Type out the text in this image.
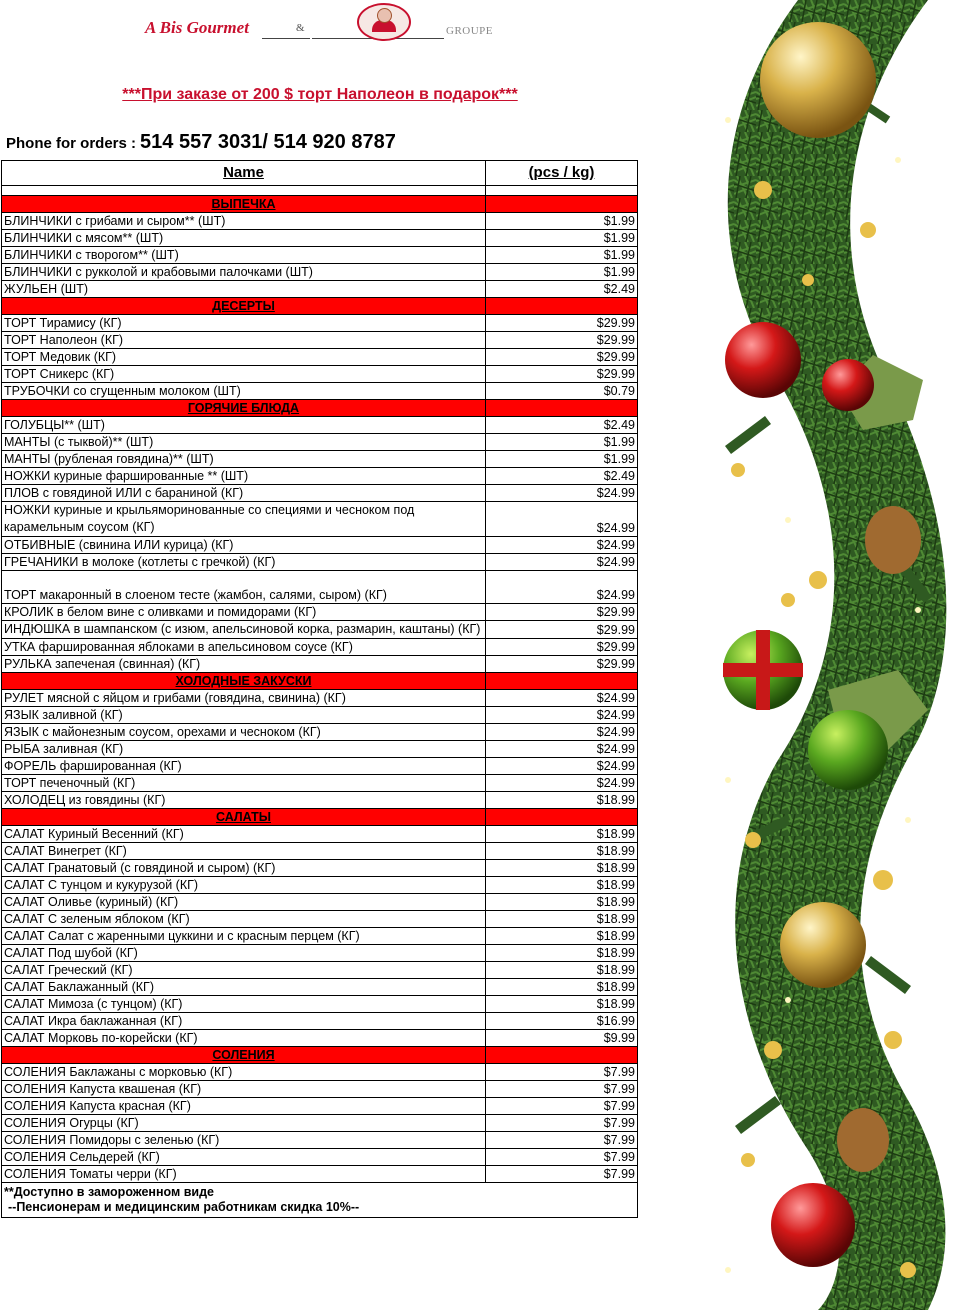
A Bis Gourmet	&	GROUPE
***При заказе от 200 $ торт Наполеон в подарок***
Phone for orders : 514 557 3031/ 514 920 8787
Name	(pcs / kg)

ВЫПЕЧКА	
БЛИНЧИКИ с грибами и сыром** (ШТ)	$1.99
БЛИНЧИКИ с мясом** (ШТ)	$1.99
БЛИНЧИКИ с творогом** (ШТ)	$1.99
БЛИНЧИКИ с рукколой и крабовыми палочками (ШТ)	$1.99
ЖУЛЬЕН (ШТ)	$2.49
ДЕСЕРТЫ	
ТОРТ Тирамису (КГ)	$29.99
ТОРТ Наполеон (КГ)	$29.99
ТОРТ Медовик (КГ)	$29.99
ТОРТ Сникерс (КГ)	$29.99
ТРУБОЧКИ со сгущенным молоком (ШТ)	$0.79
ГОРЯЧИЕ БЛЮДА	
ГОЛУБЦЫ** (ШТ)	$2.49
МАНТЫ (с тыквой)** (ШТ)	$1.99
МАНТЫ (рубленая говядина)** (ШТ)	$1.99
НОЖКИ куриные фаршированные ** (ШТ)	$2.49
ПЛОВ с говядиной ИЛИ с бараниной (КГ)	$24.99
НОЖКИ куриные и крыльяморинованные со специями и чесноком под карамельным соусом (КГ)	$24.99
ОТБИВНЫЕ (свинина ИЛИ курица) (КГ)	$24.99
ГРЕЧАНИКИ в молоке (котлеты с гречкой) (КГ)	$24.99
ТОРТ макаронный в слоеном тесте (жамбон, салями, сыром) (КГ)	$24.99
КРОЛИК в белом вине с оливками и помидорами (КГ)	$29.99
ИНДЮШКА в шампанском (с изюм, апельсиновой корка, размарин, каштаны) (КГ)	$29.99
УТКА фаршированная яблоками в апельсиновом соусе (КГ)	$29.99
РУЛЬКА запеченая (свинная) (КГ)	$29.99
ХОЛОДНЫЕ ЗАКУСКИ	
РУЛЕТ мясной с яйцом и грибами (говядина, свинина) (КГ)	$24.99
ЯЗЫК заливной (КГ)	$24.99
ЯЗЫК с майонезным соусом, орехами и чесноком (КГ)	$24.99
РЫБА заливная (КГ)	$24.99
ФОРЕЛЬ фаршированная (КГ)	$24.99
ТОРТ печеночный (КГ)	$24.99
ХОЛОДЕЦ из говядины (КГ)	$18.99
САЛАТЫ	
САЛАТ Куриный Весенний (КГ)	$18.99
САЛАТ Винегрет (КГ)	$18.99
САЛАТ Гранатовый (с говядиной и сыром) (КГ)	$18.99
САЛАТ С тунцом и кукурузой (КГ)	$18.99
САЛАТ Оливье (куриный) (КГ)	$18.99
САЛАТ С зеленым яблоком (КГ)	$18.99
САЛАТ Салат с жаренными цуккини и с красным перцем (КГ)	$18.99
САЛАТ Под шубой (КГ)	$18.99
САЛАТ Греческий (КГ)	$18.99
САЛАТ Баклажанный (КГ)	$18.99
САЛАТ Мимоза (с тунцом) (КГ)	$18.99
САЛАТ Икра баклажанная (КГ)	$16.99
САЛАТ Морковь по-корейски (КГ)	$9.99
СОЛЕНИЯ	
СОЛЕНИЯ Баклажаны с морковью (КГ)	$7.99
СОЛЕНИЯ Капуста квашеная (КГ)	$7.99
СОЛЕНИЯ Капуста красная (КГ)	$7.99
СОЛЕНИЯ Огурцы (КГ)	$7.99
СОЛЕНИЯ Помидоры с зеленью (КГ)	$7.99
СОЛЕНИЯ Сельдерей (КГ)	$7.99
СОЛЕНИЯ Томаты черри (КГ)	$7.99

**Доступно в замороженном виде
--Пенсионерам и медицинским работникам скидка 10%--	
